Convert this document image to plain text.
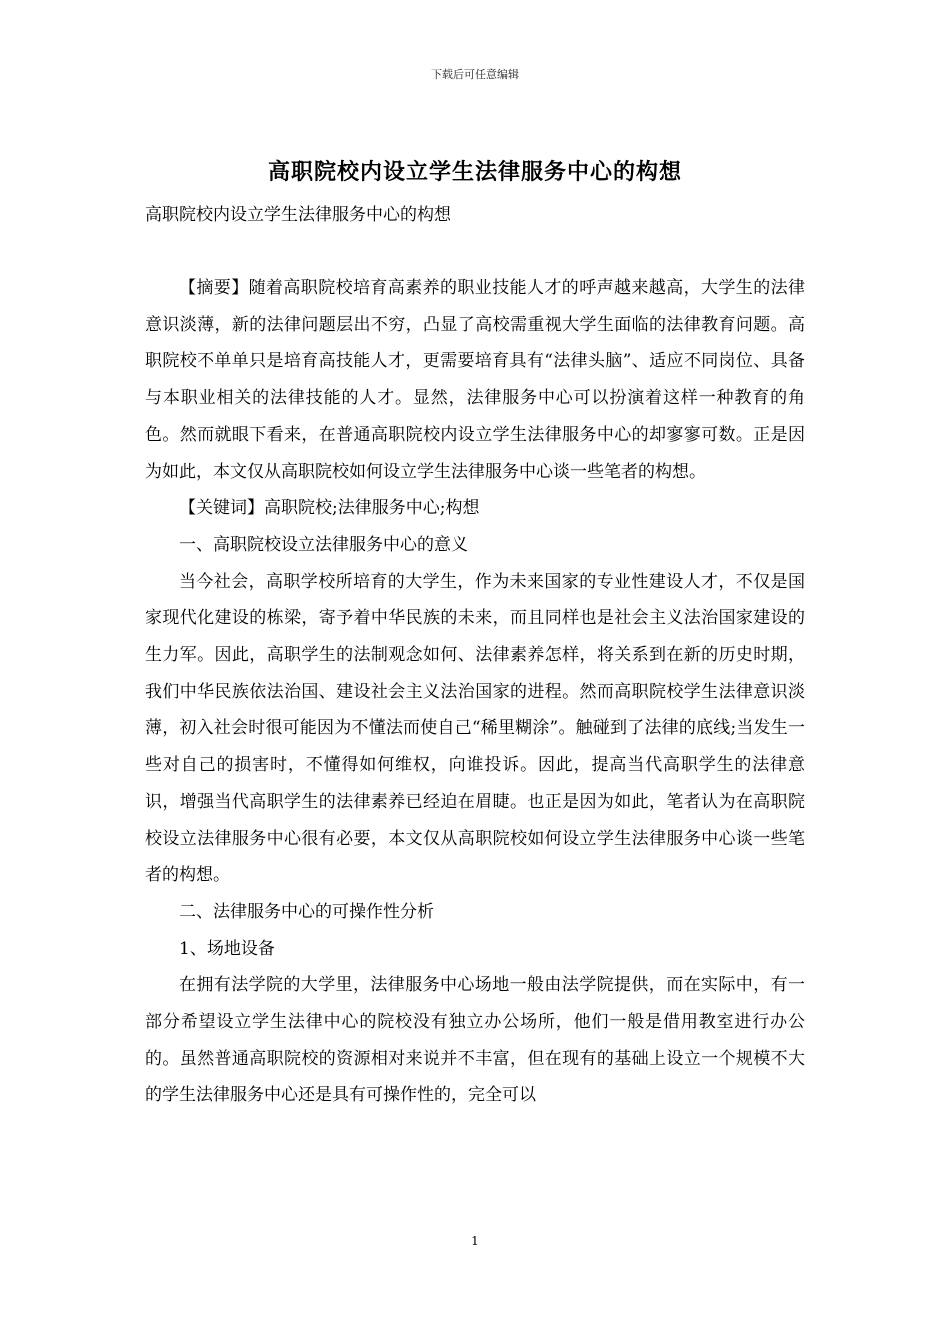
下载后可任意编辑
高职院校内设立学生法律服务中心的构想
高职院校内设立学生法律服务中心的构想

【摘要】随着高职院校培育高素养的职业技能人才的呼声越来越高，大学生的法律意识淡薄，新的法律问题层出不穷，凸显了高校需重视大学生面临的法律教育问题。高职院校不单单只是培育高技能人才，更需要培育具有“法律头脑”、适应不同岗位、具备与本职业相关的法律技能的人才。显然，法律服务中心可以扮演着这样一种教育的角色。然而就眼下看来，在普通高职院校内设立学生法律服务中心的却寥寥可数。正是因为如此，本文仅从高职院校如何设立学生法律服务中心谈一些笔者的构想。

【关键词】高职院校;法律服务中心;构想

一、高职院校设立法律服务中心的意义

当今社会，高职学校所培育的大学生，作为未来国家的专业性建设人才，不仅是国家现代化建设的栋梁，寄予着中华民族的未来，而且同样也是社会主义法治国家建设的生力军。因此，高职学生的法制观念如何、法律素养怎样，将关系到在新的历史时期，我们中华民族依法治国、建设社会主义法治国家的进程。然而高职院校学生法律意识淡薄，初入社会时很可能因为不懂法而使自己“稀里糊涂”。触碰到了法律的底线;当发生一些对自己的损害时，不懂得如何维权，向谁投诉。因此，提高当代高职学生的法律意识，增强当代高职学生的法律素养已经迫在眉睫。也正是因为如此，笔者认为在高职院校设立法律服务中心很有必要，本文仅从高职院校如何设立学生法律服务中心谈一些笔者的构想。

二、法律服务中心的可操作性分析

1、场地设备

在拥有法学院的大学里，法律服务中心场地一般由法学院提供，而在实际中，有一部分希望设立学生法律中心的院校没有独立办公场所，他们一般是借用教室进行办公的。虽然普通高职院校的资源相对来说并不丰富，但在现有的基础上设立一个规模不大的学生法律服务中心还是具有可操作性的，完全可以

1
